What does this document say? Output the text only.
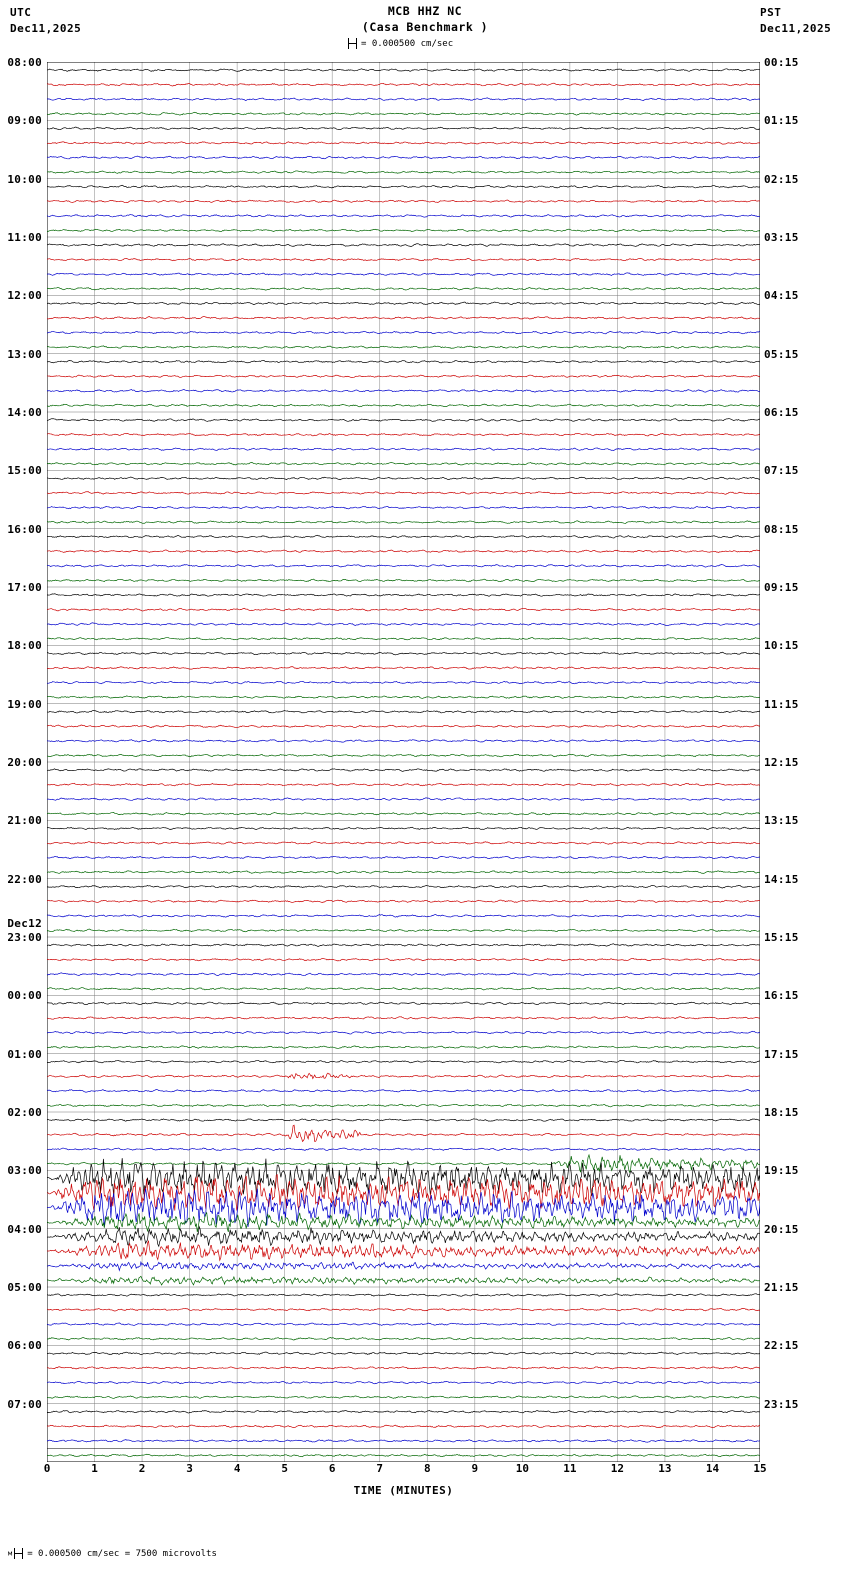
UTC
Dec11,2025
PST
Dec11,2025
MCB HHZ NC
(Casa Benchmark )
= 0.000500 cm/sec
08:00
09:00
10:00
11:00
12:00
13:00
14:00
15:00
16:00
17:00
18:00
19:00
20:00
21:00
22:00
23:00
Dec12
00:00
01:00
02:00
03:00
04:00
05:00
06:00
07:00
00:15
01:15
02:15
03:15
04:15
05:15
06:15
07:15
08:15
09:15
10:15
11:15
12:15
13:15
14:15
15:15
16:15
17:15
18:15
19:15
20:15
21:15
22:15
23:15
0	1	2	3	4	5	6	7	8	9	10	11	12	13	14	15
TIME (MINUTES)
м = 0.000500 cm/sec = 7500 microvolts
